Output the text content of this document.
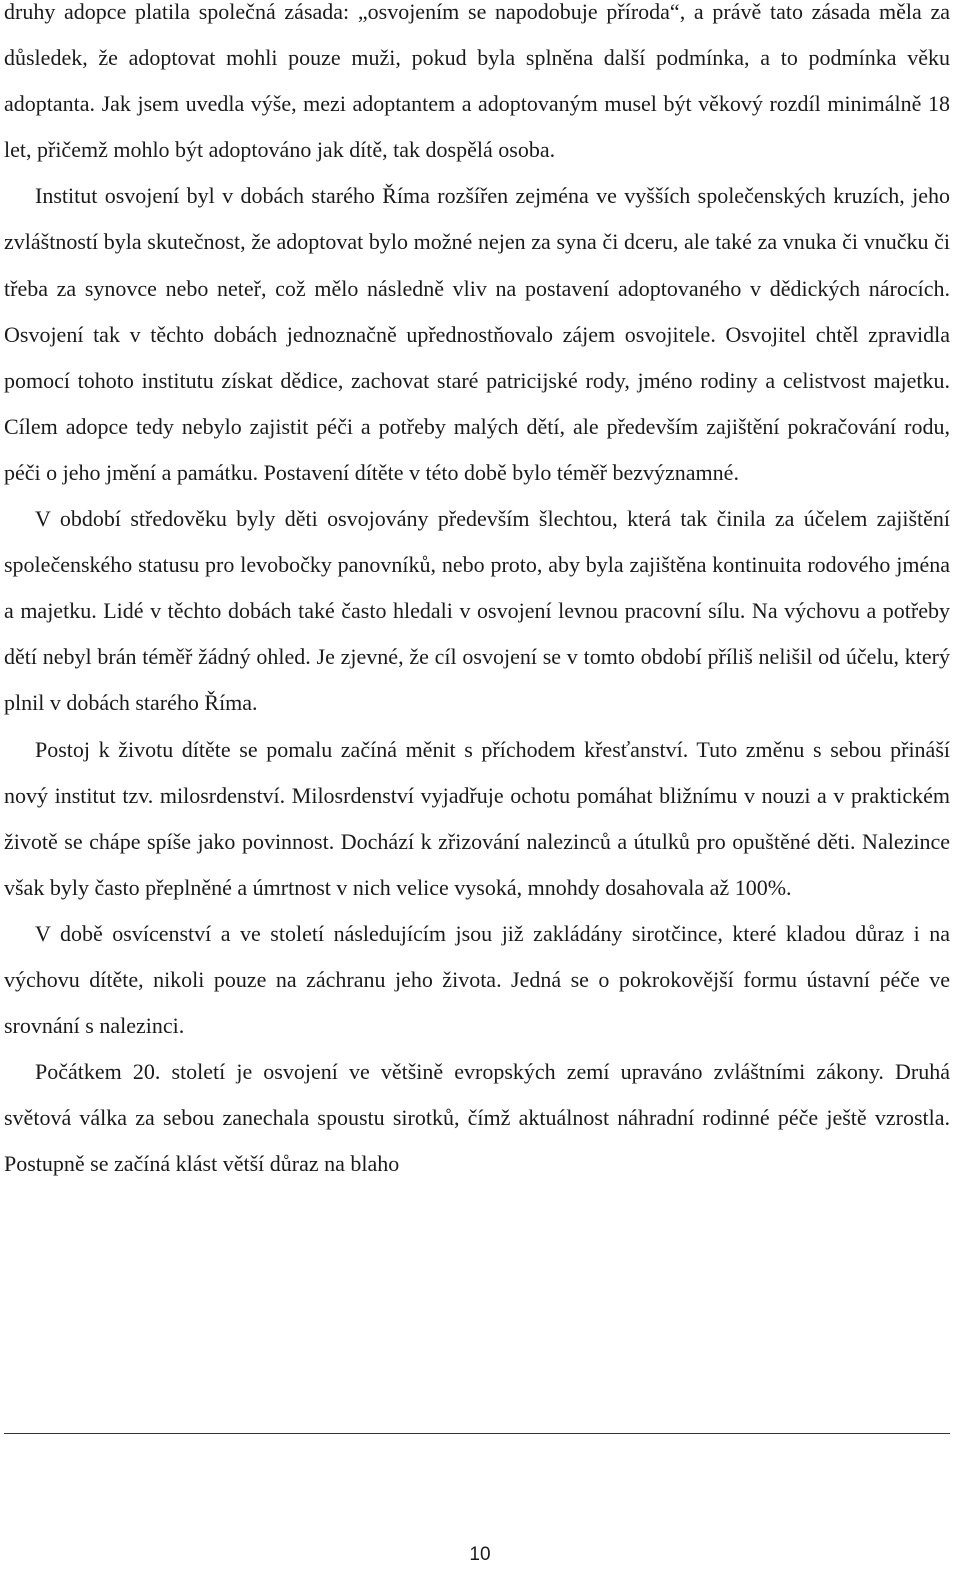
druhy adopce platila společná zásada: „osvojením se napodobuje příroda“, a právě tato zásada měla za důsledek, že adoptovat mohli pouze muži, pokud byla splněna další podmínka, a to podmínka věku adoptanta. Jak jsem uvedla výše, mezi adoptantem a adoptovaným musel být věkový rozdíl minimálně 18 let, přičemž mohlo být adoptováno jak dítě, tak dospělá osoba.

Institut osvojení byl v dobách starého Říma rozšířen zejména ve vyšších společenských kruzích, jeho zvláštností byla skutečnost, že adoptovat bylo možné nejen za syna či dceru, ale také za vnuka či vnučku či třeba za synovce nebo neteř, což mělo následně vliv na postavení adoptovaného v dědických nárocích. Osvojení tak v těchto dobách jednoznačně upřednostňovalo zájem osvojitele. Osvojitel chtěl zpravidla pomocí tohoto institutu získat dědice, zachovat staré patricijské rody, jméno rodiny a celistvost majetku. Cílem adopce tedy nebylo zajistit péči a potřeby malých dětí, ale především zajištění pokračování rodu, péči o jeho jmění a památku. Postavení dítěte v této době bylo téměř bezvýznamné.

V období středověku byly děti osvojovány především šlechtou, která tak činila za účelem zajištění společenského statusu pro levobočky panovníků, nebo proto, aby byla zajištěna kontinuita rodového jména a majetku. Lidé v těchto dobách také často hledali v osvojení levnou pracovní sílu. Na výchovu a potřeby dětí nebyl brán téměř žádný ohled. Je zjevné, že cíl osvojení se v tomto období příliš nelišil od účelu, který plnil v dobách starého Říma.

Postoj k životu dítěte se pomalu začíná měnit s příchodem křesťanství. Tuto změnu s sebou přináší nový institut tzv. milosrdenství. Milosrdenství vyjadřuje ochotu pomáhat bližnímu v nouzi a v praktickém životě se chápe spíše jako povinnost. Dochází k zřizování nalezinců a útulků pro opuštěné děti. Nalezince však byly často přeplněné a úmrtnost v nich velice vysoká, mnohdy dosahovala až 100%.

V době osvícenství a ve století následujícím jsou již zakládány sirotčince, které kladou důraz i na výchovu dítěte, nikoli pouze na záchranu jeho života. Jedná se o pokrokovější formu ústavní péče ve srovnání s nalezinci.

Počátkem 20. století je osvojení ve většině evropských zemí upraváno zvláštními zákony. Druhá světová válka za sebou zanechala spoustu sirotků, čímž aktuálnost náhradní rodinné péče ještě vzrostla. Postupně se začíná klást větší důraz na blaho

10
